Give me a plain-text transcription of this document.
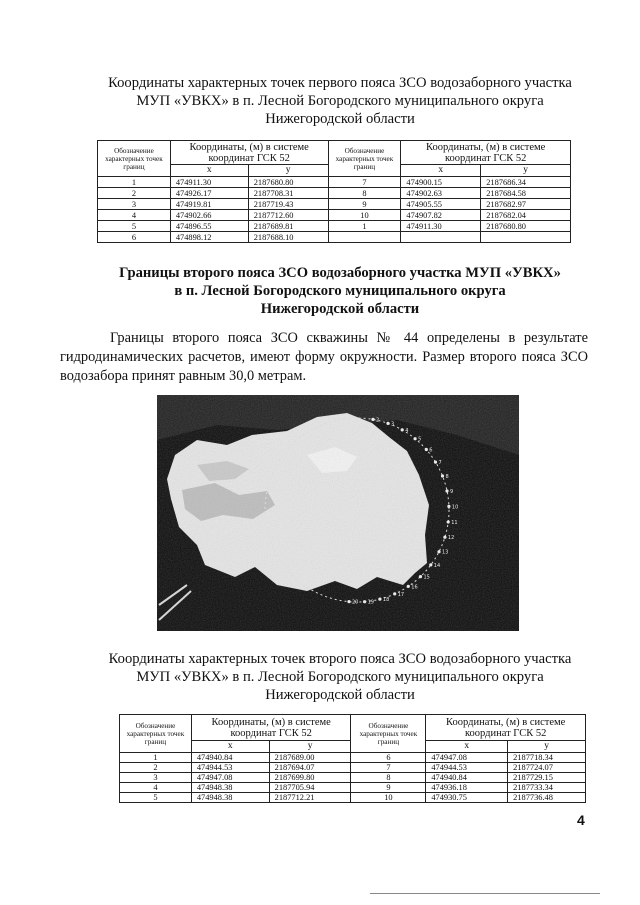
Координаты характерных точек первого пояса ЗСО водозаборного участка
МУП «УВКХ» в п. Лесной Богородского муниципального округа
Нижегородской области
Обозначение характерных точек границ	Координаты, (м) в системе координат ГСК 52		Обозначение характерных точек границ	Координаты, (м) в системе координат ГСК 52	
	x	y		x	y
1	474911.30	2187680.80	7	474900.15	2187686.34
2	474926.17	2187708.31	8	474902.63	2187684.58
3	474919.81	2187719.43	9	474905.55	2187682.97
4	474902.66	2187712.60	10	474907.82	2187682.04
5	474896.55	2187689.81	1	474911.30	2187680.80
6	474898.12	2187688.10			
Границы второго пояса ЗСО водозаборного участка МУП «УВКХ»
в п. Лесной Богородского муниципального округа
Нижегородской области
Границы второго пояса ЗСО скважины № 44 определены в результате гидродинамических расчетов, имеют форму окружности. Размер второго пояса ЗСО водозабора принят равным 30,0 метрам.
Координаты характерных точек второго пояса ЗСО водозаборного участка
МУП «УВКХ» в п. Лесной Богородского муниципального округа
Нижегородской области
Обозначение характерных точек границ	Координаты, (м) в системе координат ГСК 52		Обозначение характерных точек границ	Координаты, (м) в системе координат ГСК 52	
	x	y		x	y
1	474940.84	2187689.00	6	474947.08	2187718.34
2	474944.53	2187694.07	7	474944.53	2187724.07
3	474947.08	2187699.80	8	474940.84	2187729.15
4	474948.38	2187705.94	9	474936.18	2187733.34
5	474948.38	2187712.21	10	474930.75	2187736.48
4
